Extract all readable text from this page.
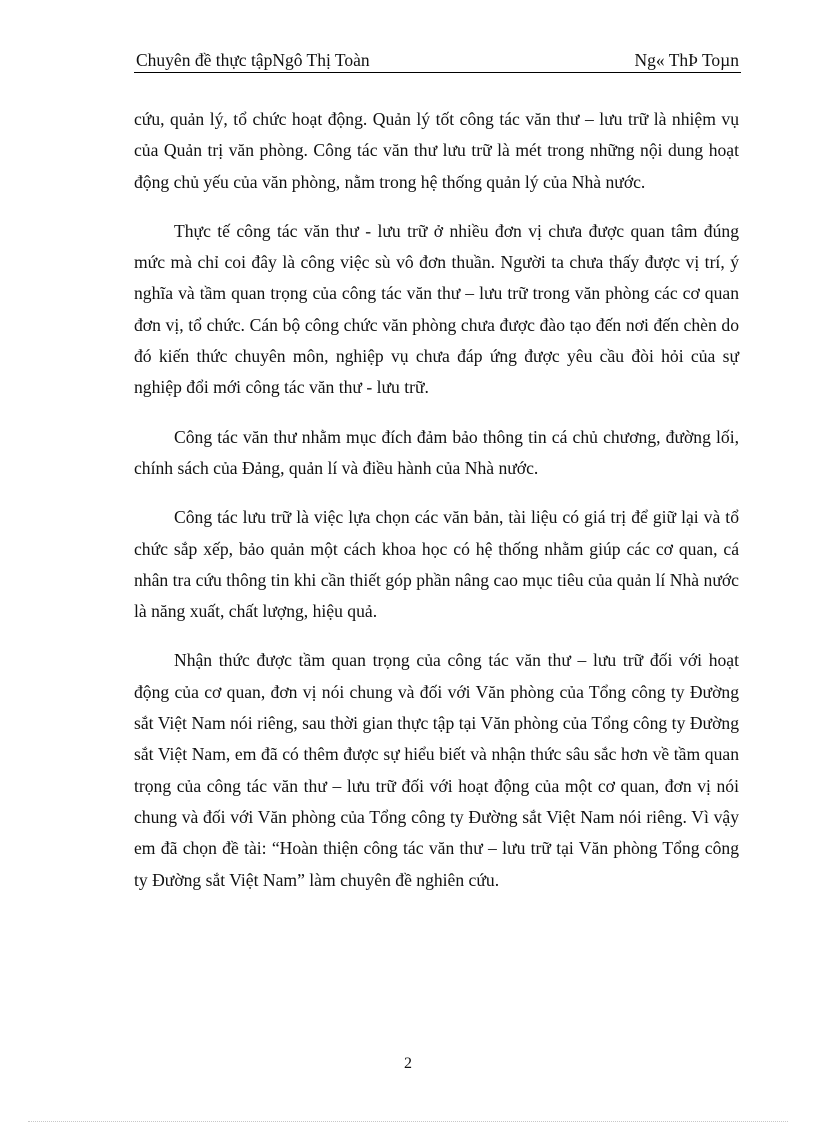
Chuyên đề thực tậpNgô Thị Toàn	Ng« ThÞ Toµn

cứu, quản lý, tổ chức hoạt động. Quản lý tốt công tác văn thư – lưu trữ là nhiệm vụ của Quản trị văn phòng. Công tác văn thư lưu trữ là mét trong những nội dung hoạt động chủ yếu của văn phòng, nằm trong hệ thống quản lý của Nhà nước.

Thực tế công tác văn thư - lưu trữ ở nhiều đơn vị chưa được quan tâm đúng mức mà chỉ coi đây là công việc sù vô đơn thuần. Người ta chưa thấy được vị trí, ý nghĩa và tầm quan trọng của công tác văn thư – lưu trữ trong văn phòng các cơ quan đơn vị, tổ chức. Cán bộ công chức văn phòng chưa được đào tạo đến nơi đến chèn do đó kiến thức chuyên môn, nghiệp vụ chưa đáp ứng được yêu cầu đòi hỏi của sự nghiệp đổi mới công tác văn thư - lưu trữ.

Công tác văn thư nhằm mục đích đảm bảo thông tin cá chủ chương, đường lối, chính sách của Đảng, quản lí và điều hành của Nhà nước.

Công tác lưu trữ là việc lựa chọn các văn bản, tài liệu có giá trị để giữ lại và tổ chức sắp xếp, bảo quản một cách khoa học có hệ thống nhằm giúp các cơ quan, cá nhân tra cứu thông tin khi cần thiết góp phần nâng cao mục tiêu của quản lí Nhà nước là năng xuất, chất lượng, hiệu quả.

Nhận thức được tầm quan trọng của công tác văn thư – lưu trữ đối với hoạt động của cơ quan, đơn vị nói chung và đối với Văn phòng của Tổng công ty Đường sắt Việt Nam nói riêng, sau thời gian thực tập tại Văn phòng của Tổng công ty Đường sắt Việt Nam, em đã có thêm được sự hiểu biết và nhận thức sâu sắc hơn về tầm quan trọng của công tác văn thư – lưu trữ đối với hoạt động của một cơ quan, đơn vị nói chung và đối với Văn phòng của Tổng công ty Đường sắt Việt Nam nói riêng. Vì vậy em đã chọn đề tài: “Hoàn thiện công tác văn thư – lưu trữ tại Văn phòng Tổng công ty Đường sắt Việt Nam” làm chuyên đề nghiên cứu.

2
